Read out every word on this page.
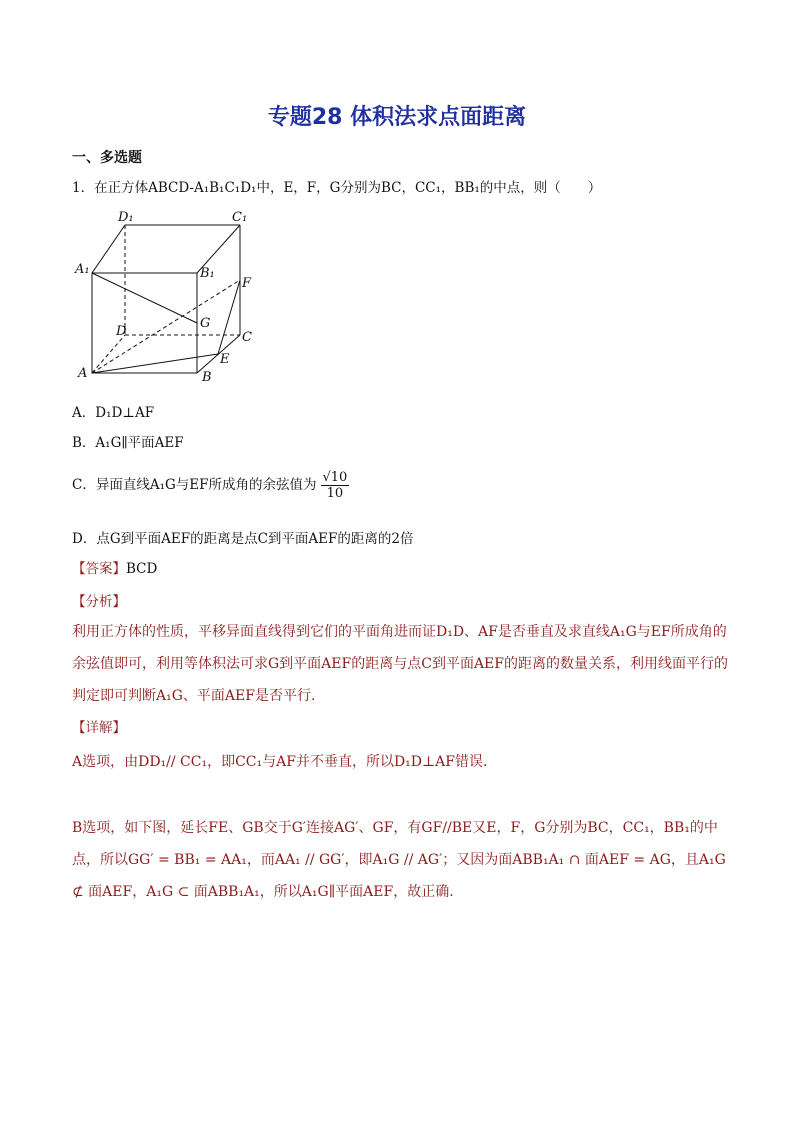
专题28 体积法求点面距离
一、多选题
1．在正方体ABCD-A₁B₁C₁D₁中，E，F，G分别为BC，CC₁，BB₁的中点，则（　　）
D₁	C₁
A₁	B₁
F
D
G
C
E
A	B
A．D₁D⊥AF
B．A₁G∥平面AEF
C．异面直线A₁G与EF所成角的余弦值为 $\frac{√10}{10}$
D．点G到平面AEF的距离是点C到平面AEF的距离的2倍
【答案】BCD
【分析】
利用正方体的性质，平移异面直线得到它们的平面角进而证D₁D、AF是否垂直及求直线A₁G与EF所成角的余弦值即可，利用等体积法可求G到平面AEF的距离与点C到平面AEF的距离的数量关系，利用线面平行的判定即可判断A₁G、平面AEF是否平行.
【详解】
A选项，由DD₁// CC₁，即CC₁与AF并不垂直，所以D₁D⊥AF错误.
B选项，如下图，延长FE、GB交于G′连接AG′、GF，有GF//BE又E，F，G分别为BC，CC₁，BB₁的中点，所以GG′ = BB₁ = AA₁，而AA₁ // GG′，即A₁G // AG′；又因为面ABB₁A₁ ∩ 面AEF = AG，且A₁G ⊄ 面AEF，A₁G ⊂ 面ABB₁A₁，所以A₁G∥平面AEF，故正确.
